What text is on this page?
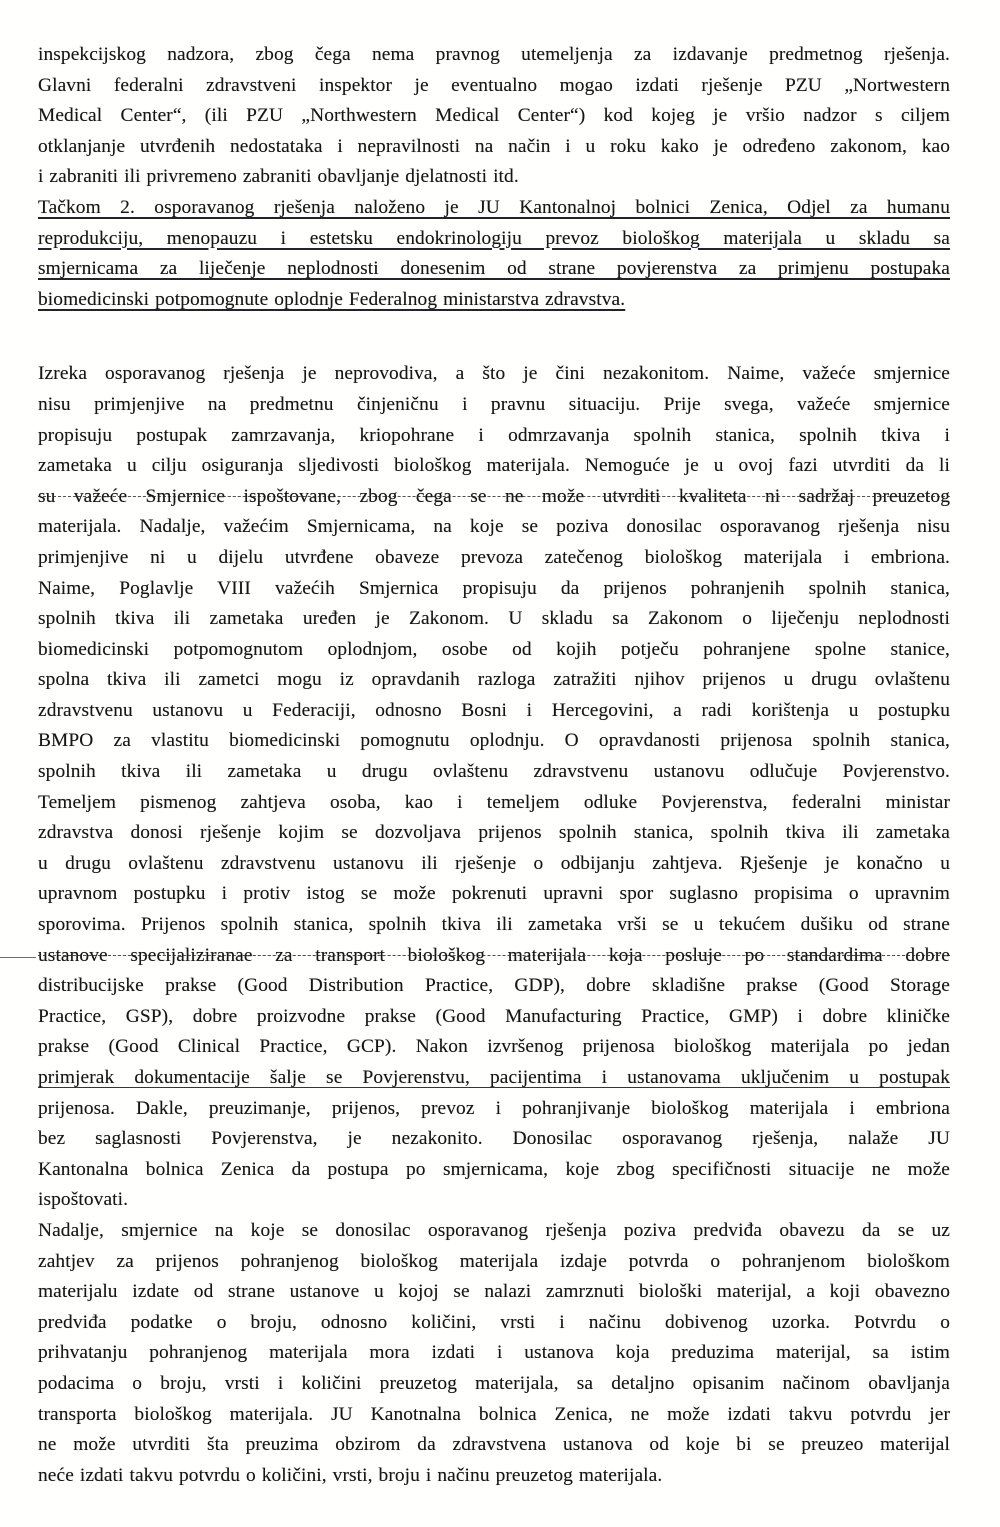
inspekcijskog nadzora, zbog čega nema pravnog utemeljenja za izdavanje predmetnog rješenja.
Glavni federalni zdravstveni inspektor je eventualno mogao izdati rješenje PZU „Nortwestern
Medical Center“, (ili PZU „Northwestern Medical Center“) kod kojeg je vršio nadzor s ciljem
otklanjanje utvrđenih nedostataka i nepravilnosti na način i u roku kako je određeno zakonom, kao
i zabraniti ili privremeno zabraniti obavljanje djelatnosti itd.

Tačkom 2. osporavanog rješenja naloženo je JU Kantonalnoj bolnici Zenica, Odjel za humanu
reprodukciju, menopauzu i estetsku endokrinologiju prevoz biološkog materijala u skladu sa
smjernicama za liječenje neplodnosti donesenim od strane povjerenstva za primjenu postupaka
biomedicinski potpomognute oplodnje Federalnog ministarstva zdravstva.

Izreka osporavanog rješenja je neprovodiva, a što je čini nezakonitom. Naime, važeće smjernice
nisu primjenjive na predmetnu činjeničnu i pravnu situaciju. Prije svega, važeće smjernice
propisuju postupak zamrzavanja, kriopohrane i odmrzavanja spolnih stanica, spolnih tkiva i
zametaka u cilju osiguranja sljedivosti biološkog materijala. Nemoguće je u ovoj fazi utvrditi da li
su važeće Smjernice ispoštovane, zbog čega se ne može utvrditi kvaliteta ni sadržaj preuzetog
materijala. Nadalje, važećim Smjernicama, na koje se poziva donosilac osporavanog rješenja nisu
primjenjive ni u dijelu utvrđene obaveze prevoza zatečenog biološkog materijala i embriona.
Naime, Poglavlje VIII važećih Smjernica propisuju da prijenos pohranjenih spolnih stanica,
spolnih tkiva ili zametaka uređen je Zakonom. U skladu sa Zakonom o liječenju neplodnosti
biomedicinski potpomognutom oplodnjom, osobe od kojih potječu pohranjene spolne stanice,
spolna tkiva ili zametci mogu iz opravdanih razloga zatražiti njihov prijenos u drugu ovlaštenu
zdravstvenu ustanovu u Federaciji, odnosno Bosni i Hercegovini, a radi korištenja u postupku
BMPO za vlastitu biomedicinski pomognutu oplodnju. O opravdanosti prijenosa spolnih stanica,
spolnih tkiva ili zametaka u drugu ovlaštenu zdravstvenu ustanovu odlučuje Povjerenstvo.
Temeljem pismenog zahtjeva osoba, kao i temeljem odluke Povjerenstva, federalni ministar
zdravstva donosi rješenje kojim se dozvoljava prijenos spolnih stanica, spolnih tkiva ili zametaka
u drugu ovlaštenu zdravstvenu ustanovu ili rješenje o odbijanju zahtjeva. Rješenje je konačno u
upravnom postupku i protiv istog se može pokrenuti upravni spor suglasno propisima o upravnim
sporovima. Prijenos spolnih stanica, spolnih tkiva ili zametaka vrši se u tekućem dušiku od strane
ustanove specijaliziranae za transport biološkog materijala koja posluje po standardima dobre
distribucijske prakse (Good Distribution Practice, GDP), dobre skladišne prakse (Good Storage
Practice, GSP), dobre proizvodne prakse (Good Manufacturing Practice, GMP) i dobre kliničke
prakse (Good Clinical Practice, GCP). Nakon izvršenog prijenosa biološkog materijala po jedan
primjerak dokumentacije šalje se Povjerenstvu, pacijentima i ustanovama uključenim u postupak
prijenosa. Dakle, preuzimanje, prijenos, prevoz i pohranjivanje biološkog materijala i embriona
bez saglasnosti Povjerenstva, je nezakonito. Donosilac osporavanog rješenja, nalaže JU
Kantonalna bolnica Zenica da postupa po smjernicama, koje zbog specifičnosti situacije ne može
ispoštovati.

Nadalje, smjernice na koje se donosilac osporavanog rješenja poziva predviđa obavezu da se uz
zahtjev za prijenos pohranjenog biološkog materijala izdaje potvrda o pohranjenom biološkom
materijalu izdate od strane ustanove u kojoj se nalazi zamrznuti biološki materijal, a koji obavezno
predviđa podatke o broju, odnosno količini, vrsti i načinu dobivenog uzorka. Potvrdu o
prihvatanju pohranjenog materijala mora izdati i ustanova koja preduzima materijal, sa istim
podacima o broju, vrsti i količini preuzetog materijala, sa detaljno opisanim načinom obavljanja
transporta biološkog materijala. JU Kanotnalna bolnica Zenica, ne može izdati takvu potvrdu jer
ne može utvrditi šta preuzima obzirom da zdravstvena ustanova od koje bi se preuzeo materijal
neće izdati takvu potvrdu o količini, vrsti, broju i načinu preuzetog materijala.
